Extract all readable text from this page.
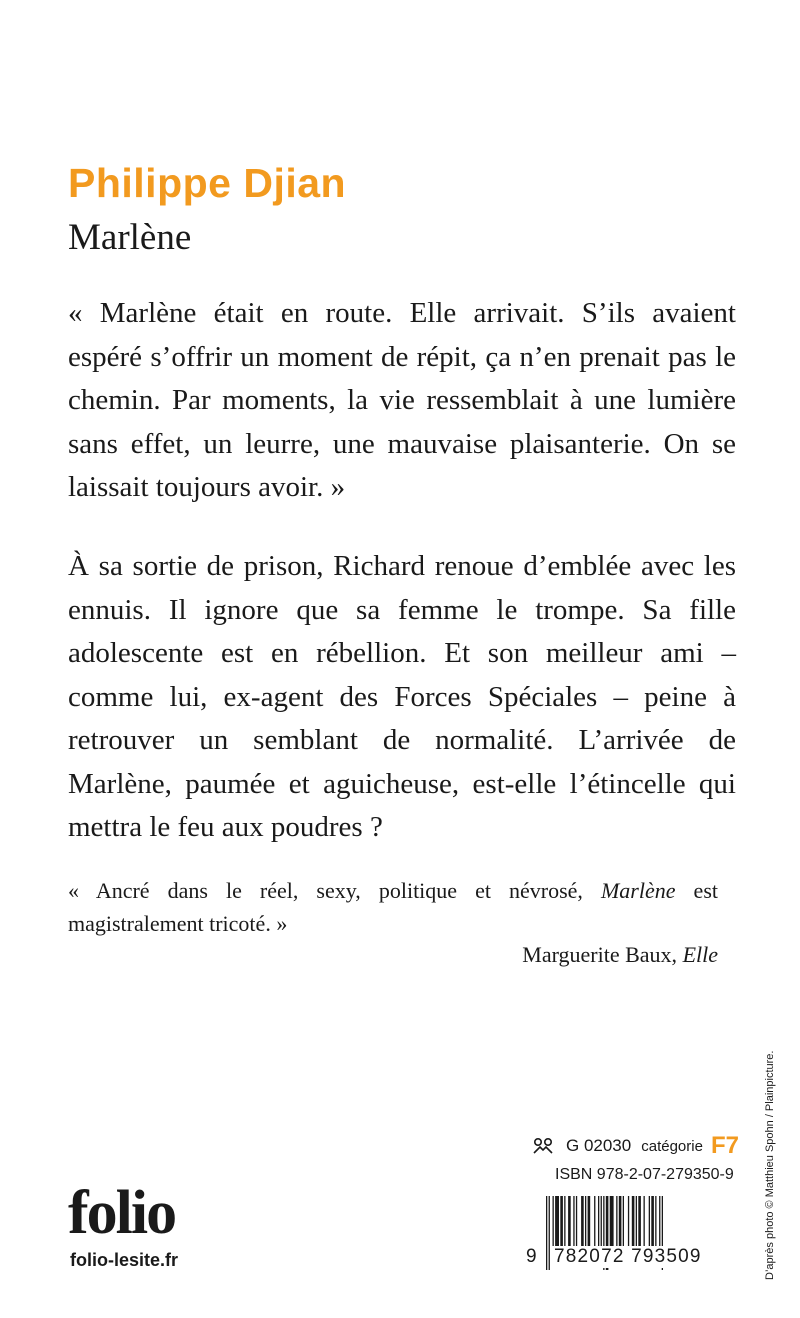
Philippe Djian
Marlène
« Marlène était en route. Elle arrivait. S’ils avaient espéré s’offrir un moment de répit, ça n’en prenait pas le chemin. Par moments, la vie ressemblait à une lumière sans effet, un leurre, une mauvaise plaisanterie. On se laissait toujours avoir. »
À sa sortie de prison, Richard renoue d’emblée avec les ennuis. Il ignore que sa femme le trompe. Sa fille adolescente est en rébellion. Et son meilleur ami – comme lui, ex-agent des Forces Spéciales – peine à retrouver un semblant de normalité. L’arrivée de Marlène, paumée et aguicheuse, est-elle l’étincelle qui mettra le feu aux poudres ?
« Ancré dans le réel, sexy, politique et névrosé, Marlène est magistralement tricoté. »
Marguerite Baux, Elle
D’après photo © Matthieu Spohn / Plainpicture.
G 02030 catégorie F7
ISBN 978-2-07-279350-9
9 782072 793509
folio
folio-lesite.fr
